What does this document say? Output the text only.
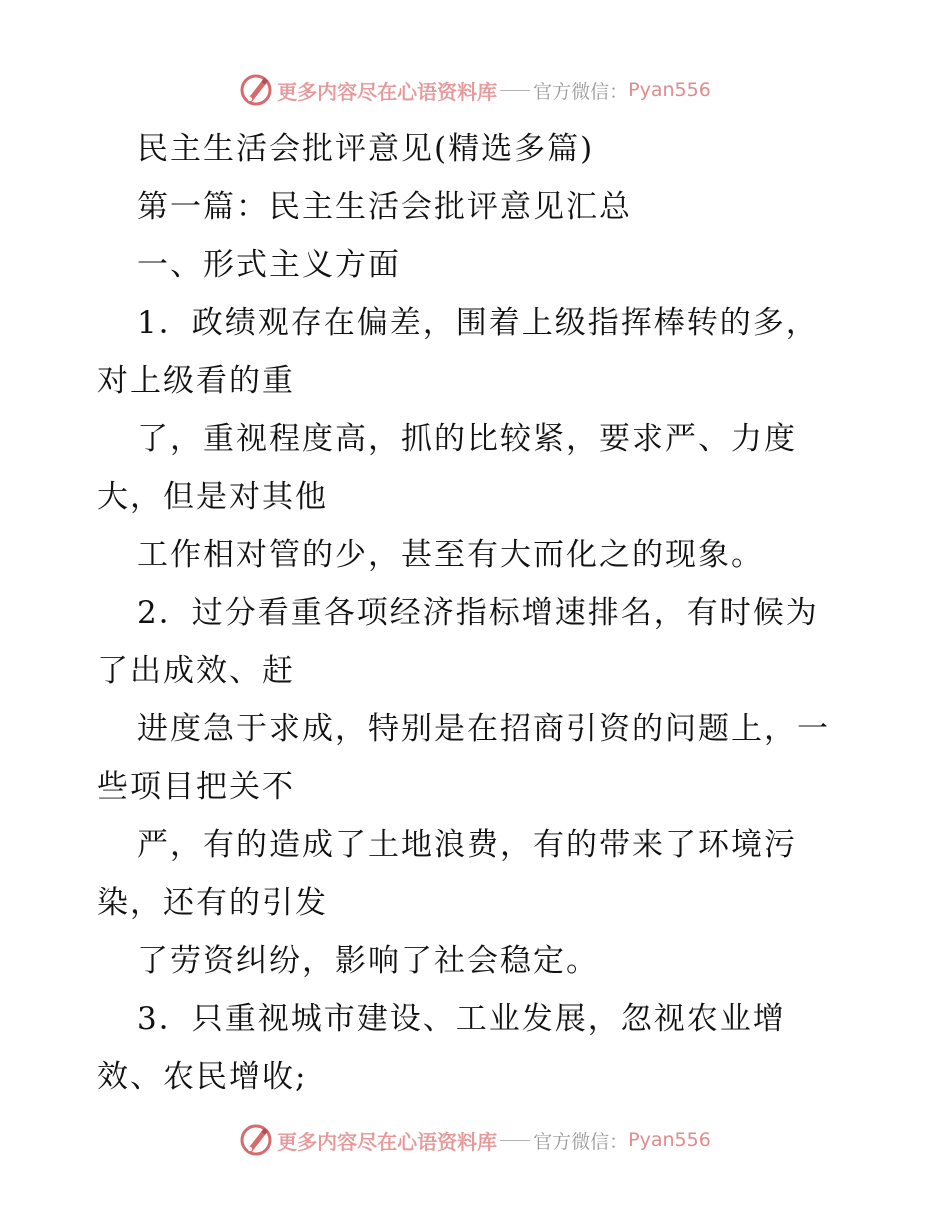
更多内容尽在心语资料库 官方微信： Pyan556
民主生活会批评意见(精选多篇)
第一篇：民主生活会批评意见汇总
一、形式主义方面
1．政绩观存在偏差，围着上级指挥棒转的多，
对上级看的重
了，重视程度高，抓的比较紧，要求严、力度
大，但是对其他
工作相对管的少，甚至有大而化之的现象。
2．过分看重各项经济指标增速排名，有时候为
了出成效、赶
进度急于求成，特别是在招商引资的问题上，一
些项目把关不
严，有的造成了土地浪费，有的带来了环境污
染，还有的引发
了劳资纠纷，影响了社会稳定。
3．只重视城市建设、工业发展，忽视农业增
效、农民增收;
更多内容尽在心语资料库 官方微信： Pyan556
